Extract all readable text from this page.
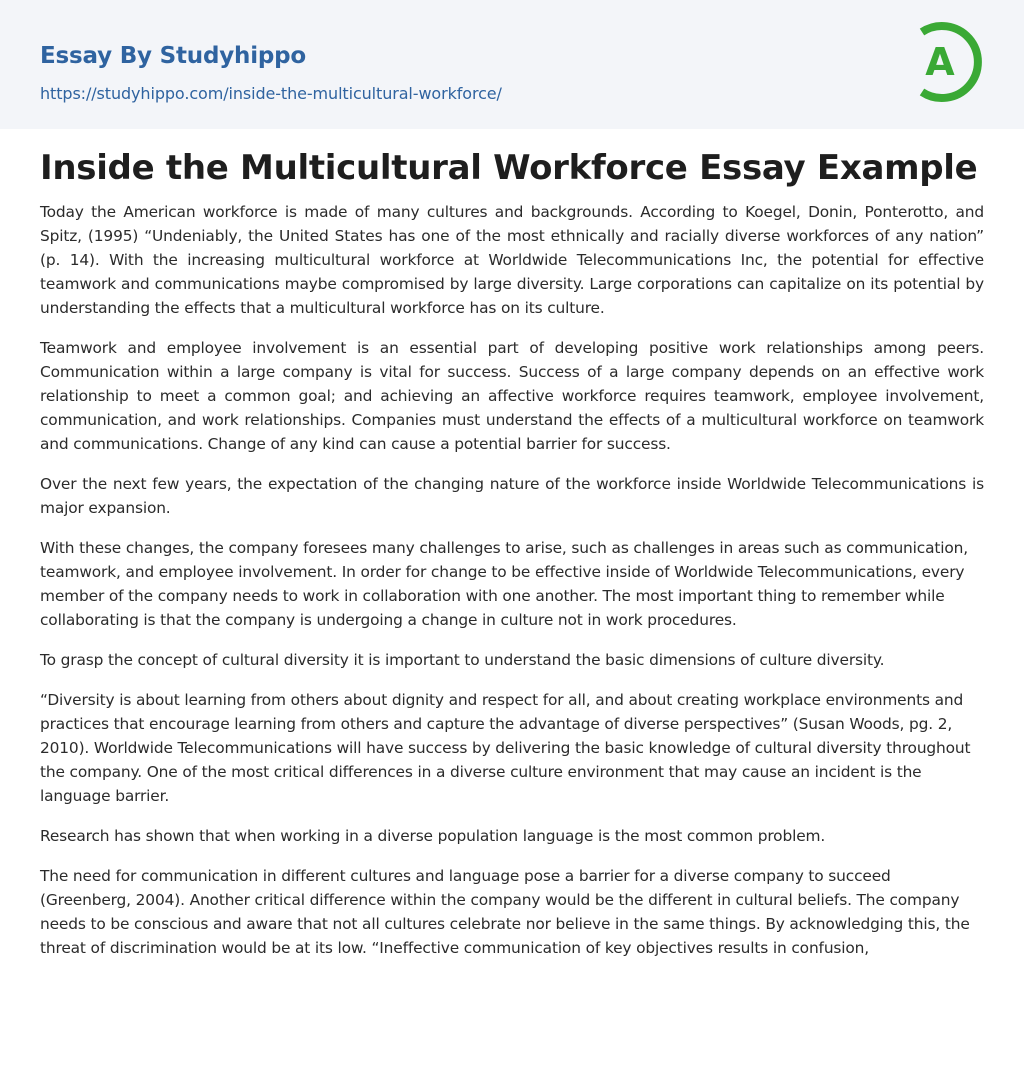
Essay By Studyhippo
https://studyhippo.com/inside-the-multicultural-workforce/
A
Inside the Multicultural Workforce Essay Example

Today the American workforce is made of many cultures and backgrounds. According to Koegel, Donin, Ponterotto, and Spitz, (1995) “Undeniably, the United States has one of the most ethnically and racially diverse workforces of any nation” (p. 14). With the increasing multicultural workforce at Worldwide Telecommunications Inc, the potential for effective teamwork and communications maybe compromised by large diversity. Large corporations can capitalize on its potential by understanding the effects that a multicultural workforce has on its culture.

Teamwork and employee involvement is an essential part of developing positive work relationships among peers. Communication within a large company is vital for success. Success of a large company depends on an effective work relationship to meet a common goal; and achieving an affective workforce requires teamwork, employee involvement, communication, and work relationships. Companies must understand the effects of a multicultural workforce on teamwork and communications. Change of any kind can cause a potential barrier for success.

Over the next few years, the expectation of the changing nature of the workforce inside Worldwide Telecommunications is major expansion.

With these changes, the company foresees many challenges to arise, such as challenges in areas such as communication, teamwork, and employee involvement. In order for change to be effective inside of Worldwide Telecommunications, every member of the company needs to work in collaboration with one another. The most important thing to remember while collaborating is that the company is undergoing a change in culture not in work procedures.

To grasp the concept of cultural diversity it is important to understand the basic dimensions of culture diversity.

“Diversity is about learning from others about dignity and respect for all, and about creating workplace environments and practices that encourage learning from others and capture the advantage of diverse perspectives” (Susan Woods, pg. 2, 2010). Worldwide Telecommunications will have success by delivering the basic knowledge of cultural diversity throughout the company. One of the most critical differences in a diverse culture environment that may cause an incident is the language barrier.

Research has shown that when working in a diverse population language is the most common problem.

The need for communication in different cultures and language pose a barrier for a diverse company to succeed (Greenberg, 2004). Another critical difference within the company would be the different in cultural beliefs. The company needs to be conscious and aware that not all cultures celebrate nor believe in the same things. By acknowledging this, the threat of discrimination would be at its low. “Ineffective communication of key objectives results in confusion,
